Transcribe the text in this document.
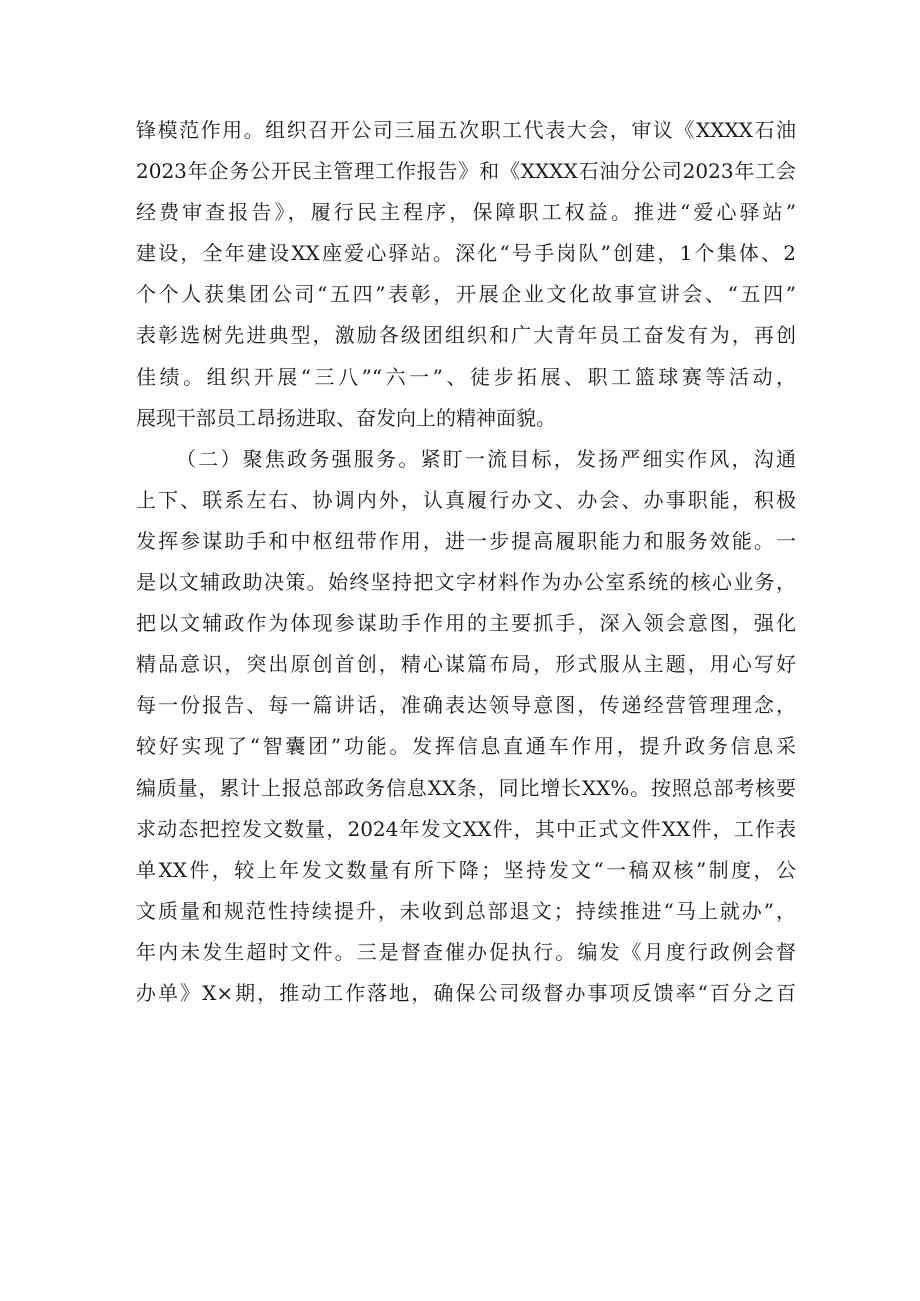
锋模范作用。组织召开公司三届五次职工代表大会，审议《XXXX石油
2023年企务公开民主管理工作报告》和《XXXX石油分公司2023年工会
经费审查报告》，履行民主程序，保障职工权益。推进“爱心驿站”
建设，全年建设XX座爱心驿站。深化“号手岗队”创建，1个集体、2
个个人获集团公司“五四”表彰，开展企业文化故事宣讲会、“五四”
表彰选树先进典型，激励各级团组织和广大青年员工奋发有为，再创
佳绩。组织开展“三八”“六一”、徒步拓展、职工篮球赛等活动，
展现干部员工昂扬进取、奋发向上的精神面貌。
（二）聚焦政务强服务。紧盯一流目标，发扬严细实作风，沟通
上下、联系左右、协调内外，认真履行办文、办会、办事职能，积极
发挥参谋助手和中枢纽带作用，进一步提高履职能力和服务效能。一
是以文辅政助决策。始终坚持把文字材料作为办公室系统的核心业务，
把以文辅政作为体现参谋助手作用的主要抓手，深入领会意图，强化
精品意识，突出原创首创，精心谋篇布局，形式服从主题，用心写好
每一份报告、每一篇讲话，准确表达领导意图，传递经营管理理念，
较好实现了“智囊团”功能。发挥信息直通车作用，提升政务信息采
编质量，累计上报总部政务信息XX条，同比增长XX%。按照总部考核要
求动态把控发文数量，2024年发文XX件，其中正式文件XX件，工作表
单XX件，较上年发文数量有所下降；坚持发文“一稿双核”制度，公
文质量和规范性持续提升，未收到总部退文；持续推进“马上就办”，
年内未发生超时文件。三是督查催办促执行。编发《月度行政例会督
办单》X×期，推动工作落地，确保公司级督办事项反馈率“百分之百
